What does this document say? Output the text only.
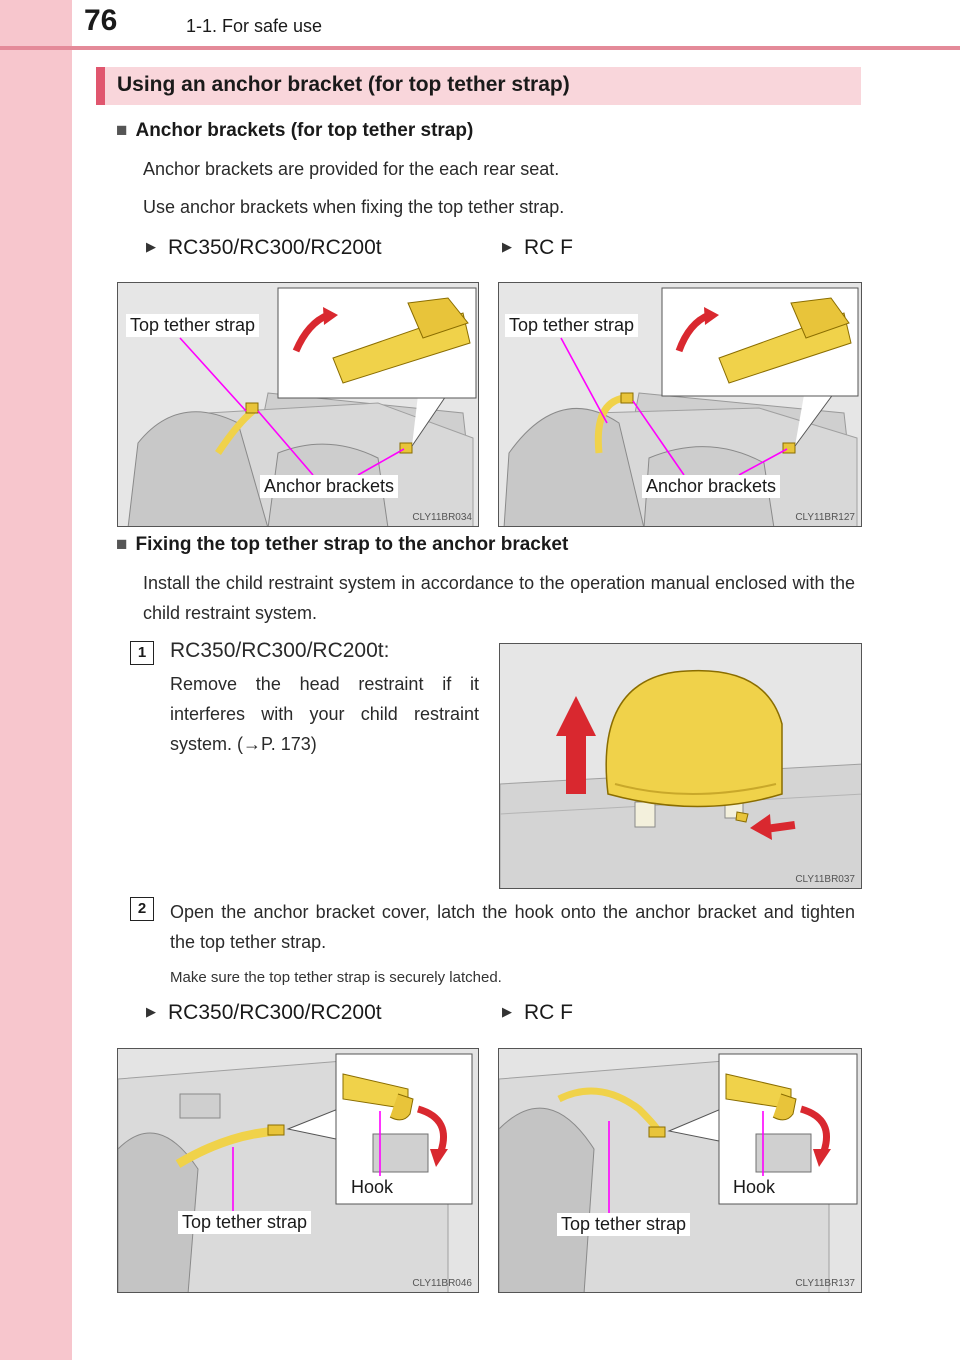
76	1-1. For safe use
Using an anchor bracket (for top tether strap)
■ Anchor brackets (for top tether strap)
Anchor brackets are provided for the each rear seat.
Use anchor brackets when fixing the top tether strap.
▶ RC350/RC300/RC200t	▶ RC F
Top tether strap
Anchor brackets
CLY11BR034
Top tether strap
Anchor brackets
CLY11BR127
■ Fixing the top tether strap to the anchor bracket
Install the child restraint system in accordance to the operation manual enclosed with the child restraint system.
1	RC350/RC300/RC200t:
Remove the head restraint if it interferes with your child restraint system. (→P. 173)
CLY11BR037
2	Open the anchor bracket cover, latch the hook onto the anchor bracket and tighten the top tether strap.
Make sure the top tether strap is securely latched.
▶ RC350/RC300/RC200t	▶ RC F
Hook
Top tether strap
CLY11BR046
Hook
Top tether strap
CLY11BR137
